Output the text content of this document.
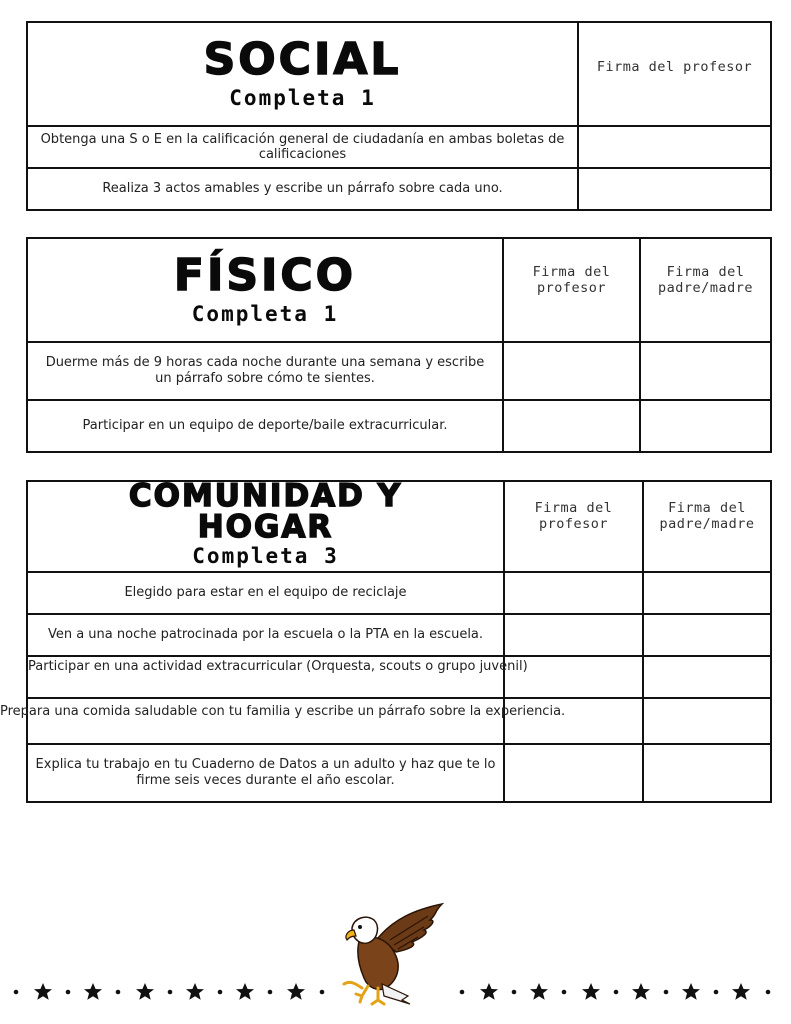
SOCIAL
Completa 1	Firma del profesor

Obtenga una S o E en la calificación general de ciudadanía en ambas boletas de calificaciones	

Realiza 3 actos amables y escribe un párrafo sobre cada uno.	

FÍSICO
Completa 1	Firma del profesor	Firma del padre/madre

Duerme más de 9 horas cada noche durante una semana y escribe un párrafo sobre cómo te sientes.		

Participar en un equipo de deporte/baile extracurricular.		

COMUNIDAD Y
HOGAR
Completa 3	Firma del profesor	Firma del padre/madre

Elegido para estar en el equipo de reciclaje		

Ven a una noche patrocinada por la escuela o la PTA en la escuela.		

Participar en una actividad extracurricular (Orquesta, scouts o grupo juvenil)		

Prepara una comida saludable con tu familia y escribe un párrafo sobre la experiencia.		

Explica tu trabajo en tu Cuaderno de Datos a un adulto y haz que te lo firme seis veces durante el año escolar.		
